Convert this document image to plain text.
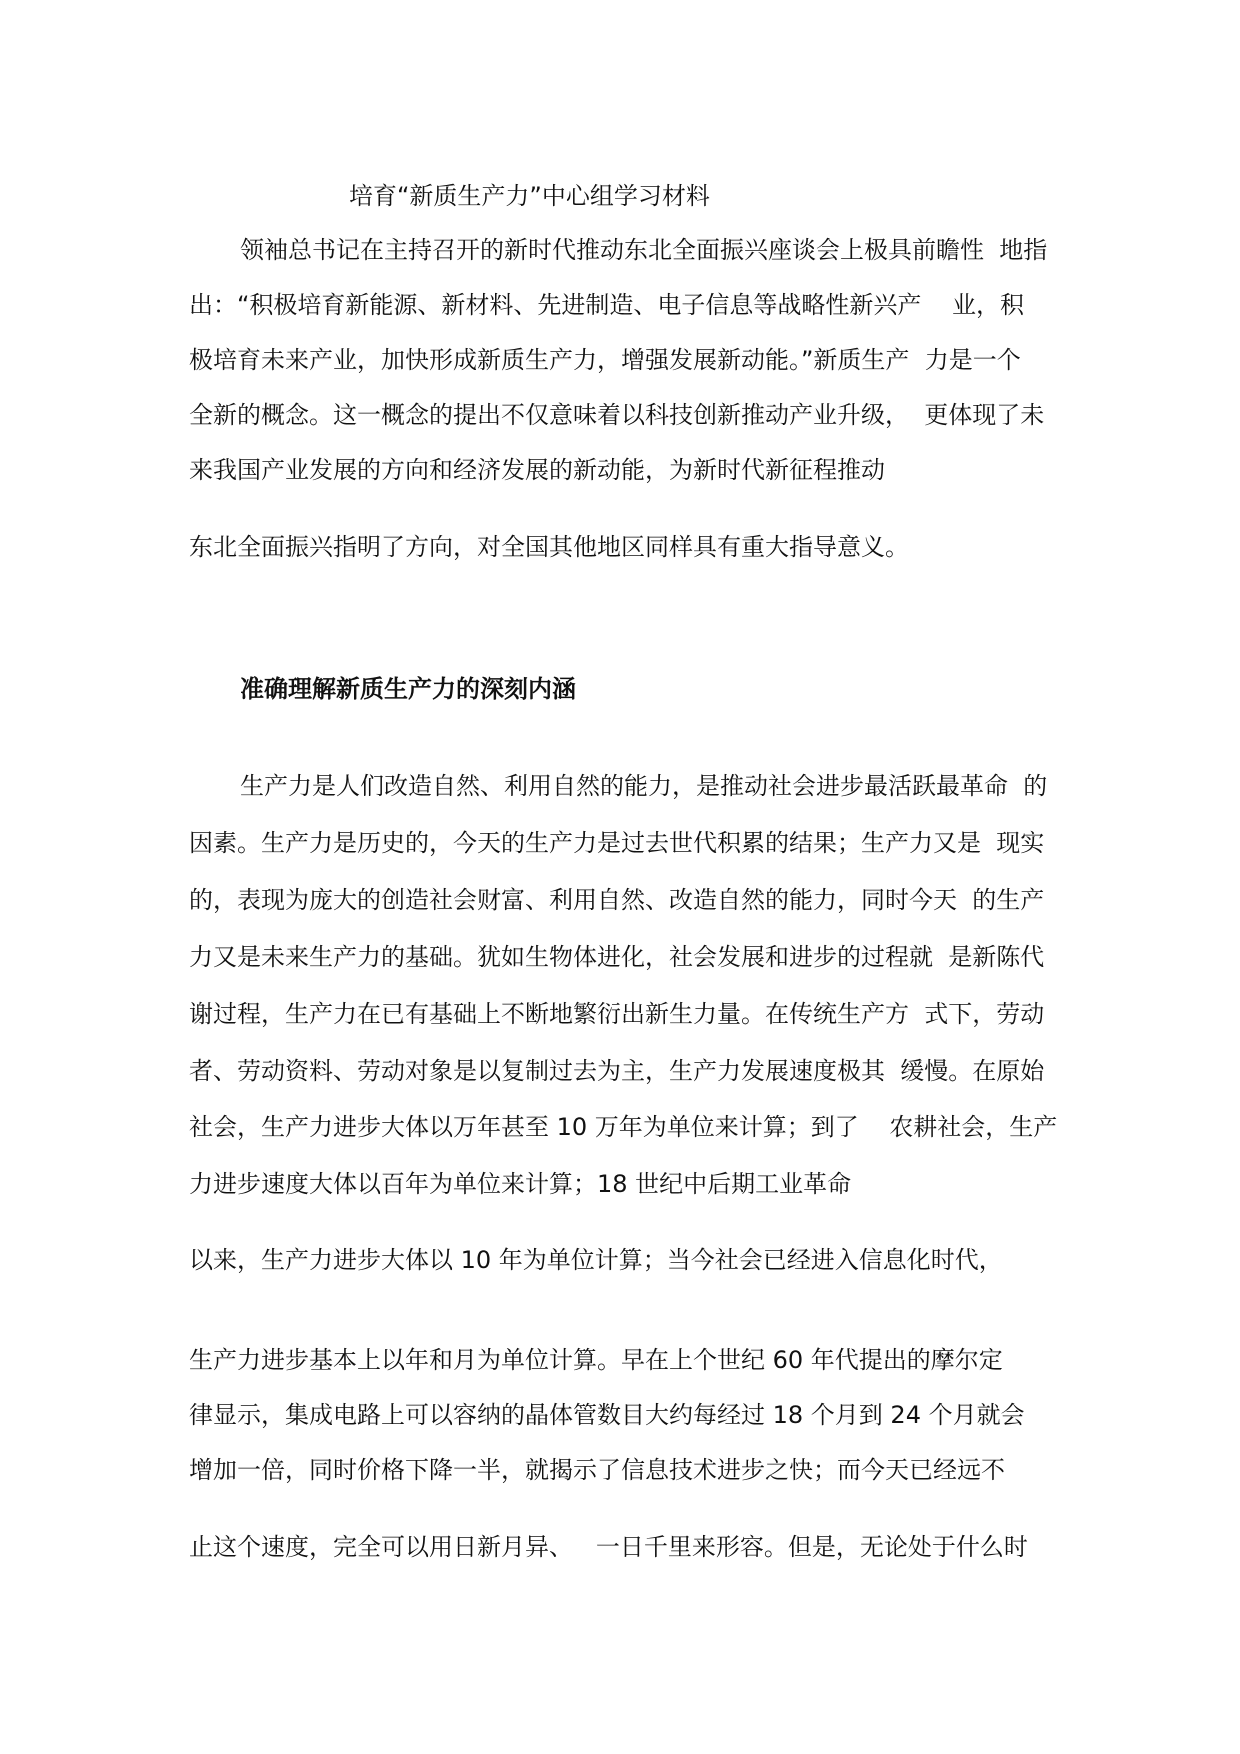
培育“新质生产力”中心组学习材料

领袖总书记在主持召开的新时代推动东北全面振兴座谈会上极具前瞻性  地指

出：“积极培育新能源、新材料、先进制造、电子信息等战略性新兴产    业，积

极培育未来产业，加快形成新质生产力，增强发展新动能。”新质生产  力是一个

全新的概念。这一概念的提出不仅意味着以科技创新推动产业升级，  更体现了未

来我国产业发展的方向和经济发展的新动能，为新时代新征程推动

东北全面振兴指明了方向，对全国其他地区同样具有重大指导意义。

准确理解新质生产力的深刻内涵

生产力是人们改造自然、利用自然的能力，是推动社会进步最活跃最革命  的

因素。生产力是历史的，今天的生产力是过去世代积累的结果；生产力又是  现实

的，表现为庞大的创造社会财富、利用自然、改造自然的能力，同时今天  的生产

力又是未来生产力的基础。犹如生物体进化，社会发展和进步的过程就  是新陈代

谢过程，生产力在已有基础上不断地繁衍出新生力量。在传统生产方  式下，劳动

者、劳动资料、劳动对象是以复制过去为主，生产力发展速度极其  缓慢。在原始

社会，生产力进步大体以万年甚至 10 万年为单位来计算；到了    农耕社会，生产

力进步速度大体以百年为单位来计算；18 世纪中后期工业革命

以来，生产力进步大体以 10 年为单位计算；当今社会已经进入信息化时代，

生产力进步基本上以年和月为单位计算。早在上个世纪 60 年代提出的摩尔定

律显示，集成电路上可以容纳的晶体管数目大约每经过 18 个月到 24 个月就会

增加一倍，同时价格下降一半，就揭示了信息技术进步之快；而今天已经远不

止这个速度，完全可以用日新月异、   一日千里来形容。但是，无论处于什么时
